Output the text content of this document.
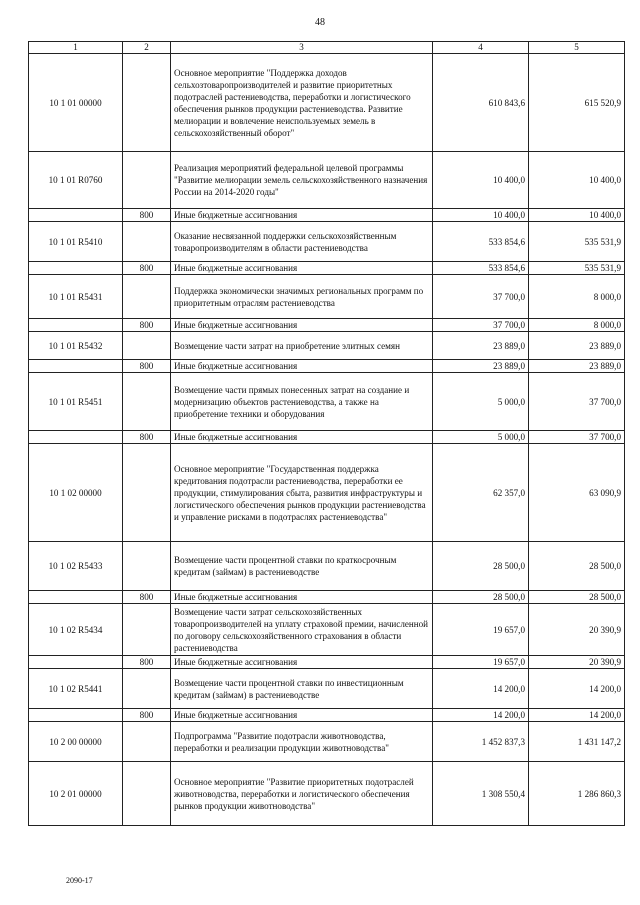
48
1	2	3	4	5
10 1 01 00000		Основное мероприятие "Поддержка доходов сельхозтоваропроизводителей и развитие приоритетных подотраслей растениеводства, переработки и логистического обеспечения рынков продукции растениеводства. Развитие мелиорации и вовлечение неиспользуемых земель в сельскохозяйственный оборот"	610 843,6	615 520,9
10 1 01 R0760		Реализация мероприятий федеральной целевой программы "Развитие мелиорации земель сельскохозяйственного назначения России на 2014-2020 годы"	10 400,0	10 400,0
	800	Иные бюджетные ассигнования	10 400,0	10 400,0
10 1 01 R5410		Оказание несвязанной поддержки сельскохозяйственным товаропроизводителям в области растениеводства	533 854,6	535 531,9
	800	Иные бюджетные ассигнования	533 854,6	535 531,9
10 1 01 R5431		Поддержка экономически значимых региональных программ по приоритетным отраслям растениеводства	37 700,0	8 000,0
	800	Иные бюджетные ассигнования	37 700,0	8 000,0
10 1 01 R5432		Возмещение части затрат на приобретение элитных семян	23 889,0	23 889,0
	800	Иные бюджетные ассигнования	23 889,0	23 889,0
10 1 01 R5451		Возмещение части прямых понесенных затрат на создание и модернизацию объектов растениеводства, а также на приобретение техники и оборудования	5 000,0	37 700,0
	800	Иные бюджетные ассигнования	5 000,0	37 700,0
10 1 02 00000		Основное мероприятие "Государственная поддержка кредитования подотрасли растениеводства, переработки ее продукции, стимулирования сбыта, развития инфраструктуры и логистического обеспечения рынков продукции растениеводства и управление рисками в подотраслях растениеводства"	62 357,0	63 090,9
10 1 02 R5433		Возмещение части процентной ставки по краткосрочным кредитам (займам) в растениеводстве	28 500,0	28 500,0
	800	Иные бюджетные ассигнования	28 500,0	28 500,0
10 1 02 R5434		Возмещение части затрат сельскохозяйственных товаропроизводителей на уплату страховой премии, начисленной по договору сельскохозяйственного страхования в области растениеводства	19 657,0	20 390,9
	800	Иные бюджетные ассигнования	19 657,0	20 390,9
10 1 02 R5441		Возмещение части процентной ставки по инвестиционным кредитам (займам) в растениеводстве	14 200,0	14 200,0
	800	Иные бюджетные ассигнования	14 200,0	14 200,0
10 2 00 00000		Подпрограмма "Развитие подотрасли животноводства, переработки и реализации продукции животноводства"	1 452 837,3	1 431 147,2
10 2 01 00000		Основное мероприятие "Развитие приоритетных подотраслей животноводства, переработки и логистического обеспечения рынков продукции животноводства"	1 308 550,4	1 286 860,3
2090-17
